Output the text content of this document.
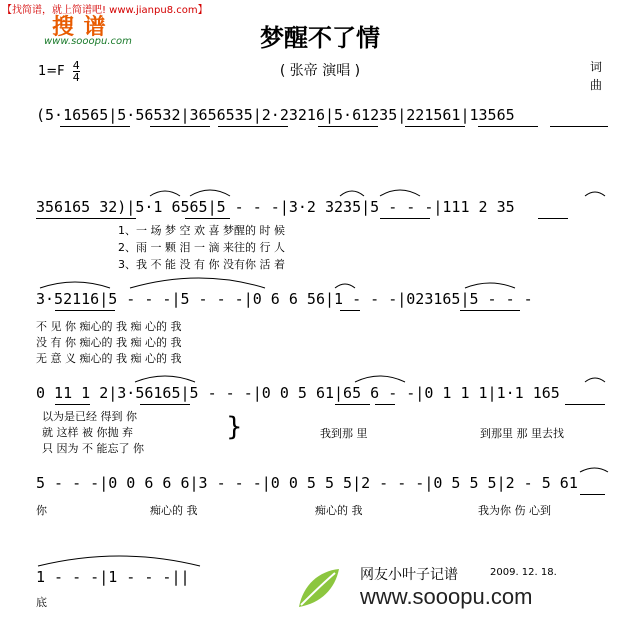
【找简谱，就上简谱吧! www.jianpu8.com】
搜 谱
www.sooopu.com	梦醒不了情
( 张帝 演唱 )
$1=F \frac{4}{4}$	词
曲
(5·16565|5·56532|3656535|2·23216|5·61235|221561|13565
356165 32)|5·1 6565|5 - - -|3·2 3235|5 - - -|111 2 35
3·52116|5 - - -|5 - - -|0 6 6 56|1 - - -|023165|5 - - -
0 11 1 2|3·56165|5 - - -|0 0 5 61|65 6 - -|0 1 1 1|1·1 165
5 - - -|0 0 6 6 6|3 - - -|0 0 5 5 5|2 - - -|0 5 5 5|2 - 5 61
1 - - -|1 - - -||
1、一 场 梦 空 欢 喜 梦醒的 时 候
2、雨 一 颗 泪 一 滴 来往的 行 人
3、我 不 能 没 有 你 没有你 活 着
不 见 你 痴心的 我 痴 心的 我
没 有 你 痴心的 我 痴 心的 我
无 意 义 痴心的 我 痴 心的 我
以为是已经 得到 你
就 这样 被 你抛 弃
只 因为 不 能忘了 你
}	我到那 里	到那里 那 里去找
你	痴心的 我	痴心的 我	我为你 伤 心到
底
网友小叶子记谱	2009. 12. 18.
www.sooopu.com
